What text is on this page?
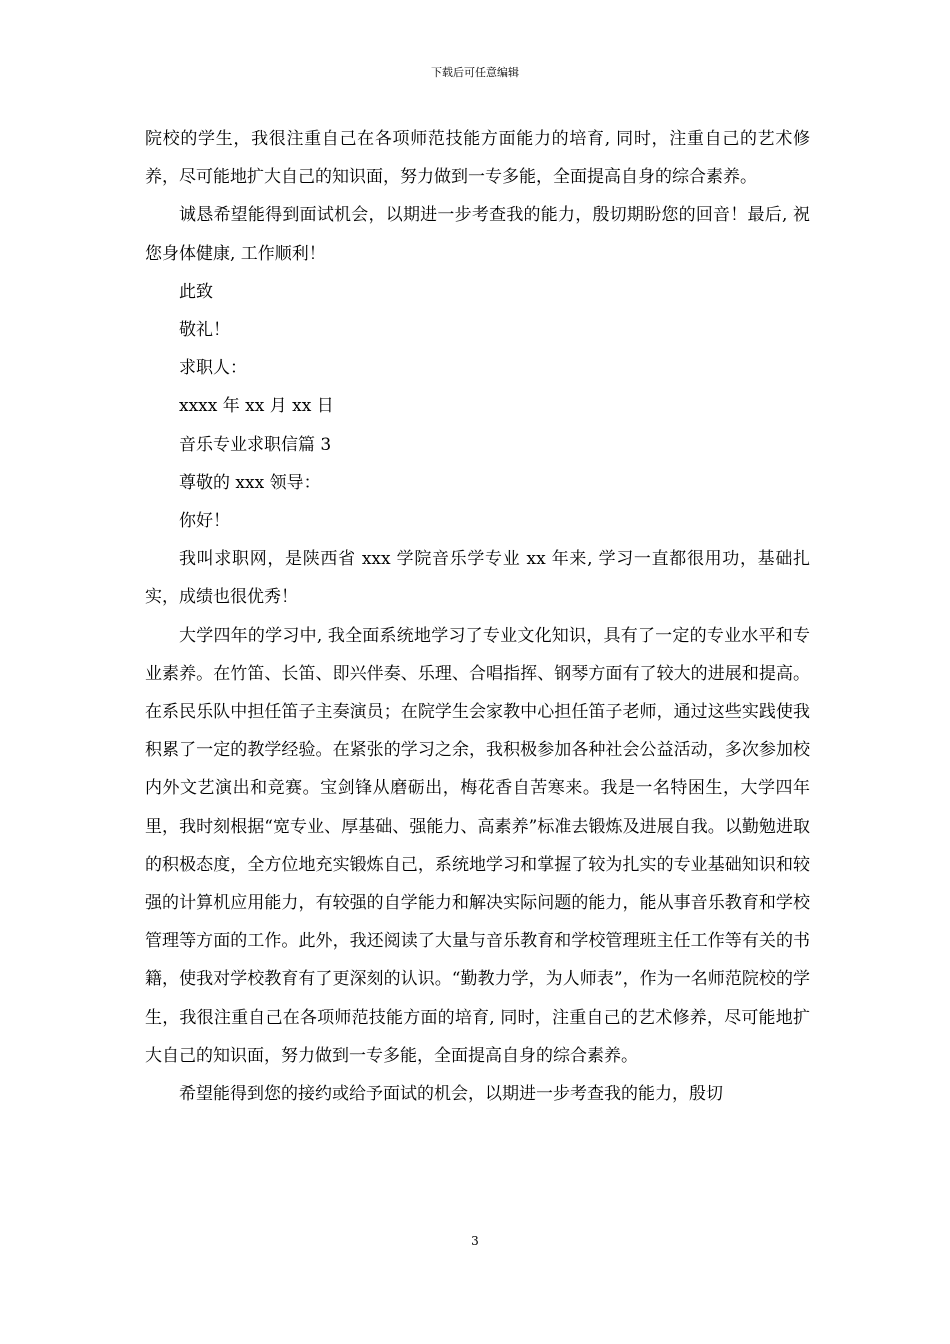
下载后可任意编辑

院校的学生，我很注重自己在各项师范技能方面能力的培育, 同时，注重自己的艺术修养，尽可能地扩大自己的知识面，努力做到一专多能，全面提高自身的综合素养。

诚恳希望能得到面试机会，以期进一步考查我的能力，殷切期盼您的回音！最后, 祝您身体健康, 工作顺利！

此致

敬礼！

求职人：

xxxx 年 xx 月 xx 日

音乐专业求职信篇 3

尊敬的 xxx 领导：

你好！

我叫求职网，是陕西省 xxx 学院音乐学专业 xx 年来, 学习一直都很用功，基础扎实，成绩也很优秀！

大学四年的学习中, 我全面系统地学习了专业文化知识，具有了一定的专业水平和专业素养。在竹笛、长笛、即兴伴奏、乐理、合唱指挥、钢琴方面有了较大的进展和提高。在系民乐队中担任笛子主奏演员；在院学生会家教中心担任笛子老师，通过这些实践使我积累了一定的教学经验。在紧张的学习之余，我积极参加各种社会公益活动，多次参加校内外文艺演出和竞赛。宝剑锋从磨砺出，梅花香自苦寒来。我是一名特困生，大学四年里，我时刻根据“宽专业、厚基础、强能力、高素养”标准去锻炼及进展自我。以勤勉进取的积极态度，全方位地充实锻炼自己，系统地学习和掌握了较为扎实的专业基础知识和较强的计算机应用能力，有较强的自学能力和解决实际问题的能力，能从事音乐教育和学校管理等方面的工作。此外，我还阅读了大量与音乐教育和学校管理班主任工作等有关的书籍，使我对学校教育有了更深刻的认识。“勤教力学，为人师表”，作为一名师范院校的学生，我很注重自己在各项师范技能方面的培育, 同时，注重自己的艺术修养，尽可能地扩大自己的知识面，努力做到一专多能，全面提高自身的综合素养。

希望能得到您的接约或给予面试的机会，以期进一步考查我的能力，殷切

3
